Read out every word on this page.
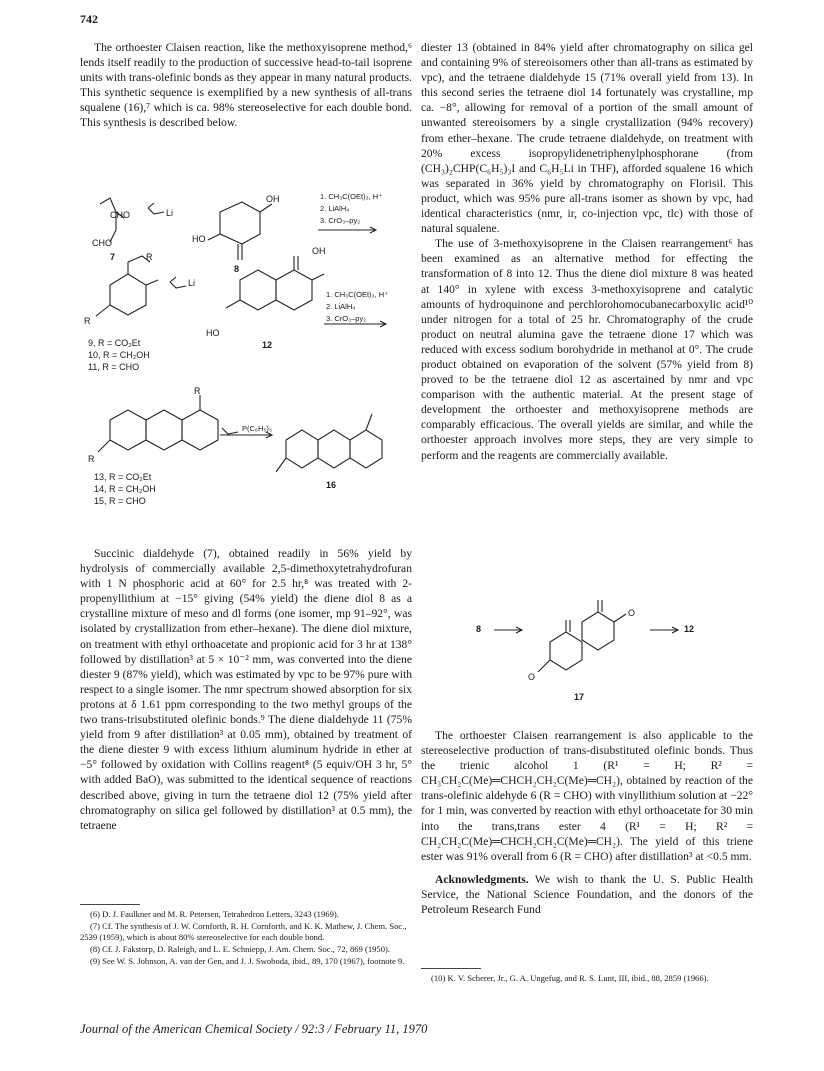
742

The orthoester Claisen reaction, like the methoxyisoprene method,⁶ lends itself readily to the production of successive head-to-tail isoprene units with trans-olefinic bonds as they appear in many natural products. This synthetic sequence is exemplified by a new synthesis of all-trans squalene (16),⁷ which is ca. 98% stereoselective for each double bond. This synthesis is described below.

CHO
CHO
7
Li
OH
HO
8
1. CH₃C(OEt)₃, H⁺
2. LiAlH₄
3. CrO₃–py₂
R
R
Li
9, R = CO₂Et
10, R = CH₂OH
11, R = CHO
OH
HO
12
1. CH₃C(OEt)₃, H⁺
2. LiAlH₄
3. CrO₃–py₂
R
R
P(C₆H₅)₃
13, R = CO₂Et
14, R = CH₂OH
15, R = CHO
16

Succinic dialdehyde (7), obtained readily in 56% yield by hydrolysis of commercially available 2,5-dimethoxytetrahydrofuran with 1 N phosphoric acid at 60° for 2.5 hr,⁸ was treated with 2-propenyllithium at −15° giving (54% yield) the diene diol 8 as a crystalline mixture of meso and dl forms (one isomer, mp 91–92°, was isolated by crystallization from ether–hexane). The diene diol mixture, on treatment with ethyl orthoacetate and propionic acid for 3 hr at 138° followed by distillation³ at 5 × 10⁻² mm, was converted into the diene diester 9 (87% yield), which was estimated by vpc to be 97% pure with respect to a single isomer. The nmr spectrum showed absorption for six protons at δ 1.61 ppm corresponding to the two methyl groups of the two trans-trisubstituted olefinic bonds.⁹ The diene dialdehyde 11 (75% yield from 9 after distillation³ at 0.05 mm), obtained by treatment of the diene diester 9 with excess lithium aluminum hydride in ether at −5° followed by oxidation with Collins reagent⁸ (5 equiv/OH 3 hr, 5° with added BaO), was submitted to the identical sequence of reactions described above, giving in turn the tetraene diol 12 (75% yield after chromatography on silica gel followed by distillation³ at 0.5 mm), the tetraene

(6) D. J. Faulkner and M. R. Petersen, Tetrahedron Letters, 3243 (1969).

(7) Cf. The synthesis of J. W. Cornforth, R. H. Cornforth, and K. K. Mathew, J. Chem. Soc., 2539 (1959), which is about 80% stereoselective for each double bond.

(8) Cf. J. Fakstorp, D. Raleigh, and L. E. Schniepp, J. Am. Chem. Soc., 72, 869 (1950).

(9) See W. S. Johnson, A. van der Gen, and J. J. Swoboda, ibid., 89, 170 (1967), footnote 9.

diester 13 (obtained in 84% yield after chromatography on silica gel and containing 9% of stereoisomers other than all-trans as estimated by vpc), and the tetraene dialdehyde 15 (71% overall yield from 13). In this second series the tetraene diol 14 fortunately was crystalline, mp ca. −8°, allowing for removal of a portion of the small amount of unwanted stereoisomers by a single crystallization (94% recovery) from ether–hexane. The crude tetraene dialdehyde, on treatment with 20% excess isopropylidenetriphenylphosphorane (from (CH₃)₂CHP(C₆H₅)₃I and C₆H₅Li in THF), afforded squalene 16 which was separated in 36% yield by chromatography on Florisil. This product, which was 95% pure all-trans isomer as shown by vpc, had identical characteristics (nmr, ir, co-injection vpc, tlc) with those of natural squalene.

The use of 3-methoxyisoprene in the Claisen rearrangement⁶ has been examined as an alternative method for effecting the transformation of 8 into 12. Thus the diene diol mixture 8 was heated at 140° in xylene with excess 3-methoxyisoprene and catalytic amounts of hydroquinone and perchlorohomocubanecarboxylic acid¹⁰ under nitrogen for a total of 25 hr. Chromatography of the crude product on neutral alumina gave the tetraene dione 17 which was reduced with excess sodium borohydride in methanol at 0°. The crude product obtained on evaporation of the solvent (57% yield from 8) proved to be the tetraene diol 12 as ascertained by nmr and vpc comparison with the authentic material. At the present stage of development the orthoester and methoxyisoprene methods are comparably efficacious. The overall yields are similar, and while the orthoester approach involves more steps, they are very simple to perform and the reagents are commercially available.

8	12
O
O
17

The orthoester Claisen rearrangement is also applicable to the stereoselective production of trans-disubstituted olefinic bonds. Thus the trienic alcohol 1 (R¹ = H; R² = CH₃CH₂C(Me)═CHCH₂CH₂C(Me)═CH₂), obtained by reaction of the trans-olefinic aldehyde 6 (R = CHO) with vinyllithium solution at −22° for 1 min, was converted by reaction with ethyl orthoacetate for 30 min into the trans,trans ester 4 (R¹ = H; R² = CH₂CH₂C(Me)═CHCH₂CH₂C(Me)═CH₂). The yield of this triene ester was 91% overall from 6 (R = CHO) after distillation³ at <0.5 mm.

Acknowledgments. We wish to thank the U. S. Public Health Service, the National Science Foundation, and the donors of the Petroleum Research Fund

(10) K. V. Scherer, Jr., G. A. Ungefug, and R. S. Lunt, III, ibid., 88, 2859 (1966).

Journal of the American Chemical Society / 92:3 / February 11, 1970
